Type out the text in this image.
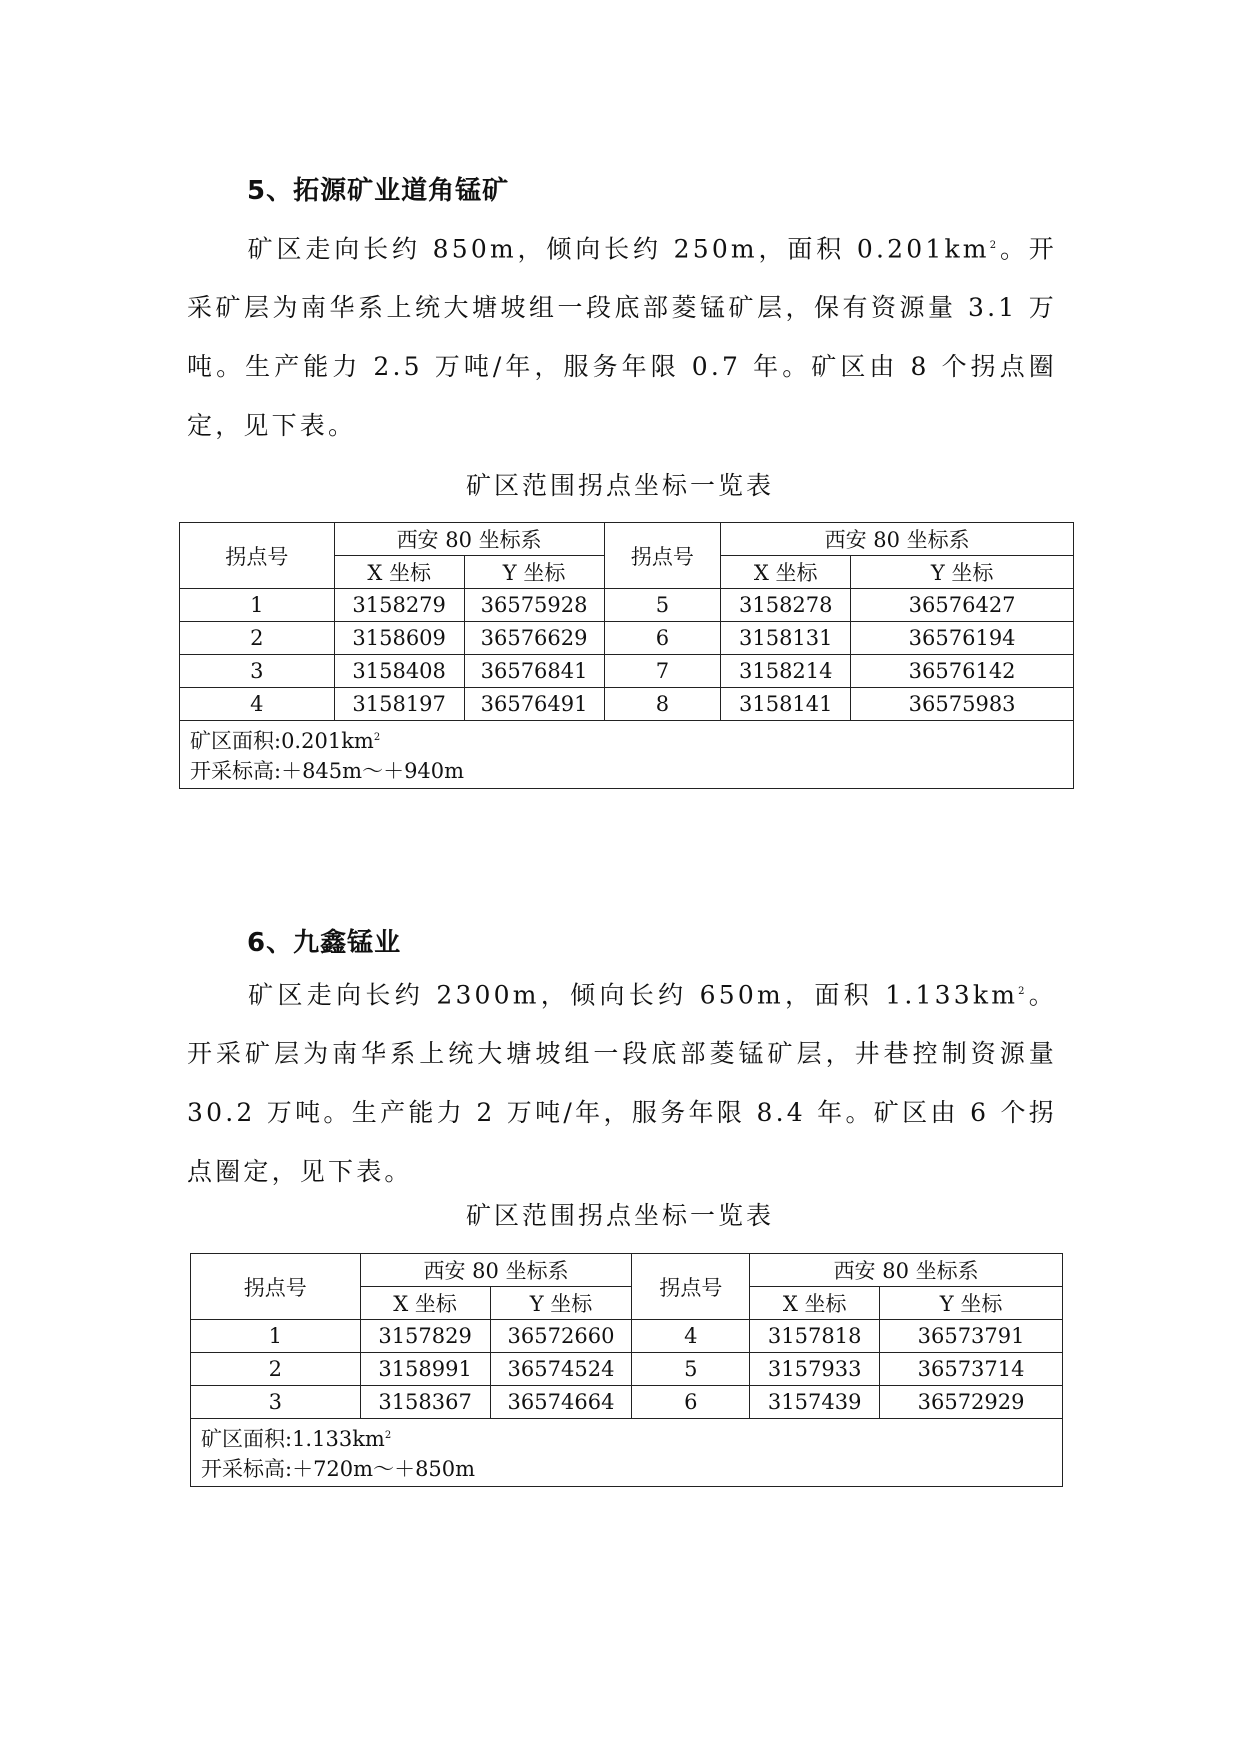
5、拓源矿业道角锰矿
矿区走向长约 850m，倾向长约 250m，面积 $0.201km^2$。开采矿层为南华系上统大塘坡组一段底部菱锰矿层，保有资源量 3.1 万吨。生产能力 2.5 万吨/年，服务年限 0.7 年。矿区由 8 个拐点圈定，见下表。
矿区范围拐点坐标一览表
拐点号	西安 80 坐标系		拐点号	西安 80 坐标系	
	X 坐标	Y 坐标		X 坐标	Y 坐标
1	3158279	36575928	5	3158278	36576427
2	3158609	36576629	6	3158131	36576194
3	3158408	36576841	7	3158214	36576142
4	3158197	36576491	8	3158141	36575983
矿区面积$:0.201km^2$
开采标高:＋845m～＋940m					
6、九鑫锰业
矿区走向长约 2300m，倾向长约 650m，面积 $1.133km^2$。开采矿层为南华系上统大塘坡组一段底部菱锰矿层，井巷控制资源量 30.2 万吨。生产能力 2 万吨/年，服务年限 8.4 年。矿区由 6 个拐点圈定，见下表。
矿区范围拐点坐标一览表
拐点号	西安 80 坐标系		拐点号	西安 80 坐标系	
	X 坐标	Y 坐标		X 坐标	Y 坐标
1	3157829	36572660	4	3157818	36573791
2	3158991	36574524	5	3157933	36573714
3	3158367	36574664	6	3157439	36572929
矿区面积$:1.133km^2$
开采标高:＋720m～＋850m					
